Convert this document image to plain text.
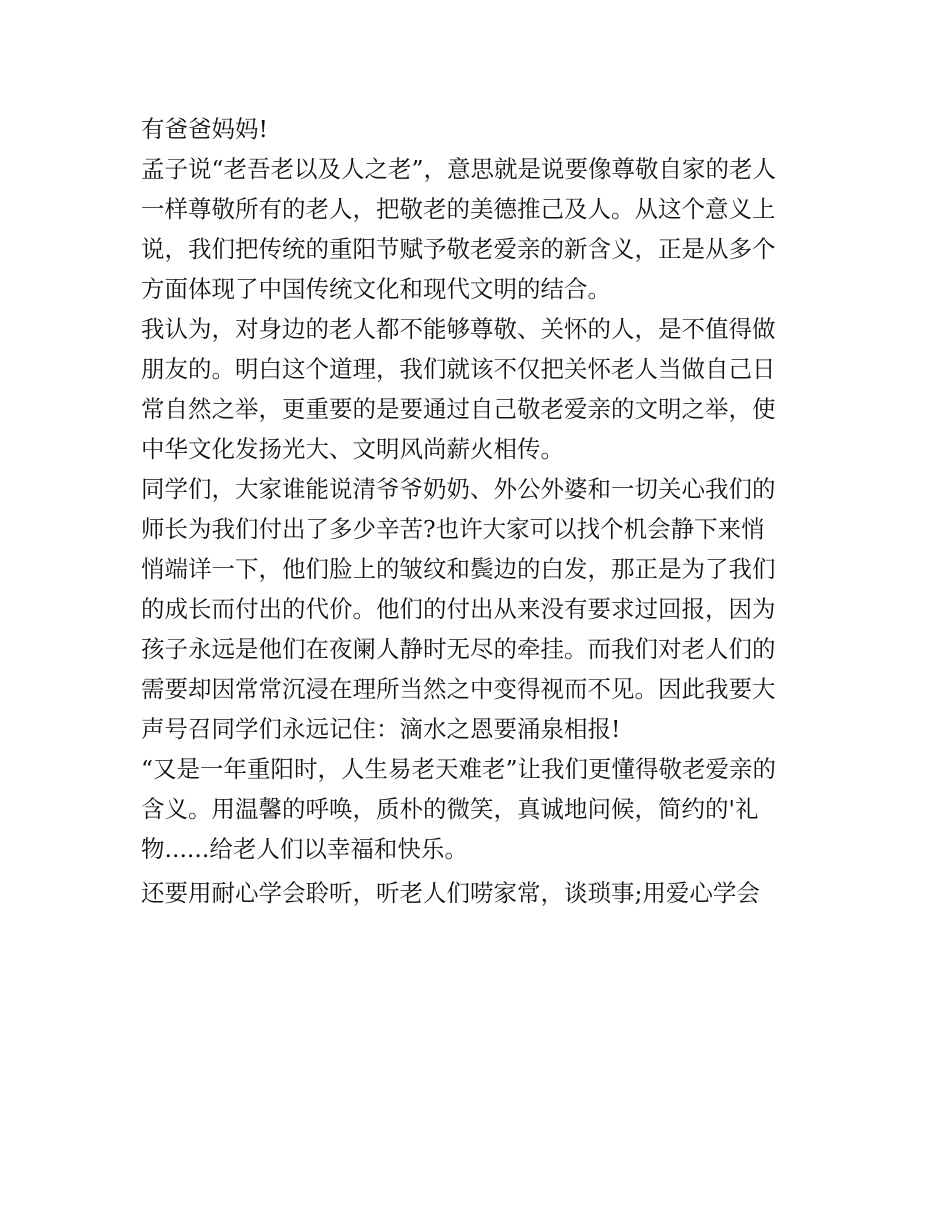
有爸爸妈妈!
孟子说“老吾老以及人之老”，意思就是说要像尊敬自家的老人
一样尊敬所有的老人，把敬老的美德推己及人。从这个意义上
说，我们把传统的重阳节赋予敬老爱亲的新含义，正是从多个
方面体现了中国传统文化和现代文明的结合。
我认为，对身边的老人都不能够尊敬、关怀的人，是不值得做
朋友的。明白这个道理，我们就该不仅把关怀老人当做自己日
常自然之举，更重要的是要通过自己敬老爱亲的文明之举，使
中华文化发扬光大、文明风尚薪火相传。
同学们，大家谁能说清爷爷奶奶、外公外婆和一切关心我们的
师长为我们付出了多少辛苦?也许大家可以找个机会静下来悄
悄端详一下，他们脸上的皱纹和鬓边的白发，那正是为了我们
的成长而付出的代价。他们的付出从来没有要求过回报，因为
孩子永远是他们在夜阑人静时无尽的牵挂。而我们对老人们的
需要却因常常沉浸在理所当然之中变得视而不见。因此我要大
声号召同学们永远记住：滴水之恩要涌泉相报!
“又是一年重阳时，人生易老天难老”让我们更懂得敬老爱亲的
含义。用温馨的呼唤，质朴的微笑，真诚地问候，简约的'礼
物......给老人们以幸福和快乐。
还要用耐心学会聆听，听老人们唠家常，谈琐事;用爱心学会
